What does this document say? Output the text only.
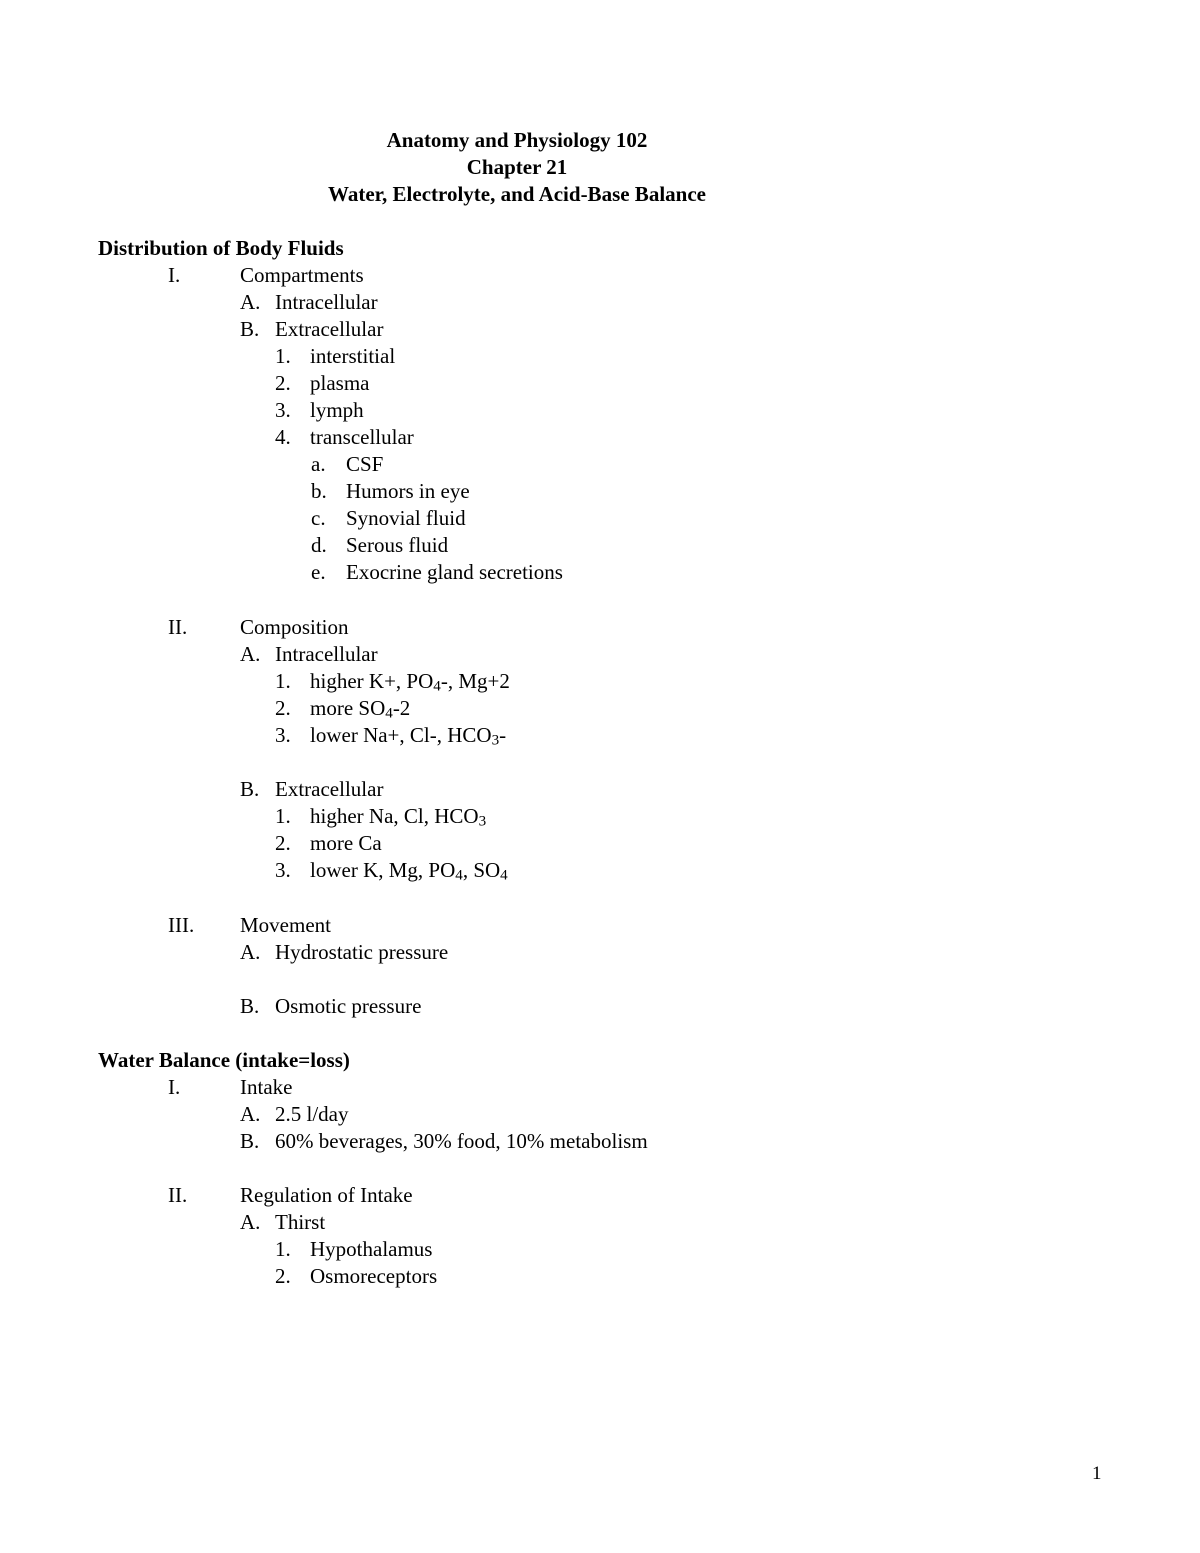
Anatomy and Physiology 102
Chapter 21
Water, Electrolyte, and Acid-Base Balance
Distribution of Body Fluids
I.	Compartments
A. Intracellular
B. Extracellular
1. interstitial
2. plasma
3. lymph
4. transcellular
a. CSF
b. Humors in eye
c. Synovial fluid
d. Serous fluid
e. Exocrine gland secretions
II.	Composition
A. Intracellular
1. higher K+, $PO_4-$, Mg+2
2. more $SO_4-2$
3. lower Na+, Cl-, $HCO_3-$
B. Extracellular
1. higher Na, Cl, $HCO_3$
2. more Ca
3. lower K, Mg, $PO_4$, $SO_4$
III. Movement
A. Hydrostatic pressure
B. Osmotic pressure
Water Balance (intake=loss)
I.	Intake
A. 2.5 l/day
B. 60% beverages, 30% food, 10% metabolism
II.	Regulation of Intake
A. Thirst
1. Hypothalamus
2. Osmoreceptors
1
